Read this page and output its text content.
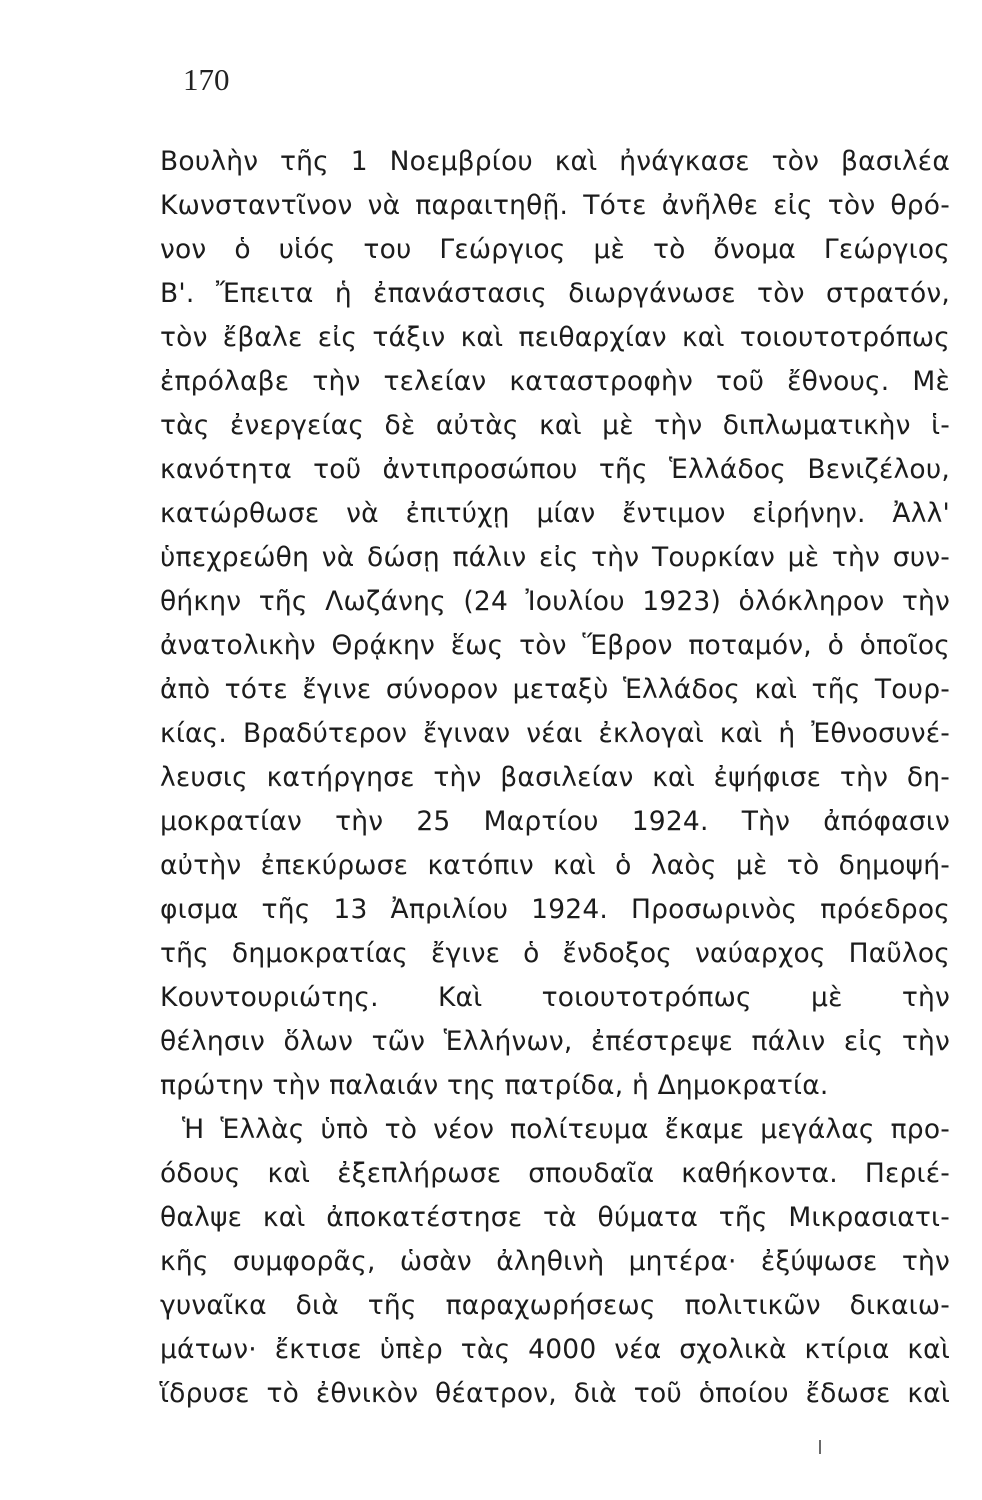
170
Βουλὴν τῆς 1 Νοεμβρίου καὶ ἠνάγκασε τὸν βασιλέα
Κωνσταντῖνον νὰ παραιτηθῇ. Τότε ἀνῆλθε εἰς τὸν θρό-
νον ὁ υἱός του Γεώργιος μὲ τὸ ὄνομα Γεώργιος
Β'. Ἔπειτα ἡ ἐπανάστασις διωργάνωσε τὸν στρατόν,
τὸν ἔβαλε εἰς τάξιν καὶ πειθαρχίαν καὶ τοιουτοτρόπως
ἐπρόλαβε τὴν τελείαν καταστροφὴν τοῦ ἔθνους. Μὲ
τὰς ἐνεργείας δὲ αὐτὰς καὶ μὲ τὴν διπλωματικὴν ἱ-
κανότητα τοῦ ἀντιπροσώπου τῆς Ἑλλάδος Βενιζέλου,
κατώρθωσε νὰ ἐπιτύχῃ μίαν ἔντιμον εἰρήνην. Ἀλλ'
ὑπεχρεώθη νὰ δώσῃ πάλιν εἰς τὴν Τουρκίαν μὲ τὴν συν-
θήκην τῆς Λωζάνης (24 Ἰουλίου 1923) ὁλόκληρον τὴν
ἀνατολικὴν Θρᾴκην ἕως τὸν Ἕβρον ποταμόν, ὁ ὁποῖος
ἀπὸ τότε ἔγινε σύνορον μεταξὺ Ἑλλάδος καὶ τῆς Τουρ-
κίας. Βραδύτερον ἔγιναν νέαι ἐκλογαὶ καὶ ἡ Ἐθνοσυνέ-
λευσις κατήργησε τὴν βασιλείαν καὶ ἐψήφισε τὴν δη-
μοκρατίαν τὴν 25 Μαρτίου 1924. Τὴν ἀπόφασιν
αὐτὴν ἐπεκύρωσε κατόπιν καὶ ὁ λαὸς μὲ τὸ δημοψή-
φισμα τῆς 13 Ἀπριλίου 1924. Προσωρινὸς πρόεδρος
τῆς δημοκρατίας ἔγινε ὁ ἔνδοξος ναύαρχος Παῦλος
Κουντουριώτης. Καὶ τοιουτοτρόπως μὲ τὴν
θέλησιν ὅλων τῶν Ἑλλήνων, ἐπέστρεψε πάλιν εἰς τὴν
πρώτην τὴν παλαιάν της πατρίδα, ἡ Δημοκρατία.
Ἡ Ἑλλὰς ὑπὸ τὸ νέον πολίτευμα ἔκαμε μεγάλας προ-
όδους καὶ ἐξεπλήρωσε σπουδαῖα καθήκοντα. Περιέ-
θαλψε καὶ ἀποκατέστησε τὰ θύματα τῆς Μικρασιατι-
κῆς συμφορᾶς, ὡσὰν ἀληθινὴ μητέρα· ἐξύψωσε τὴν
γυναῖκα διὰ τῆς παραχωρήσεως πολιτικῶν δικαιω-
μάτων· ἔκτισε ὑπὲρ τὰς 4000 νέα σχολικὰ κτίρια καὶ
ἵδρυσε τὸ ἐθνικὸν θέατρον, διὰ τοῦ ὁποίου ἔδωσε καὶ
